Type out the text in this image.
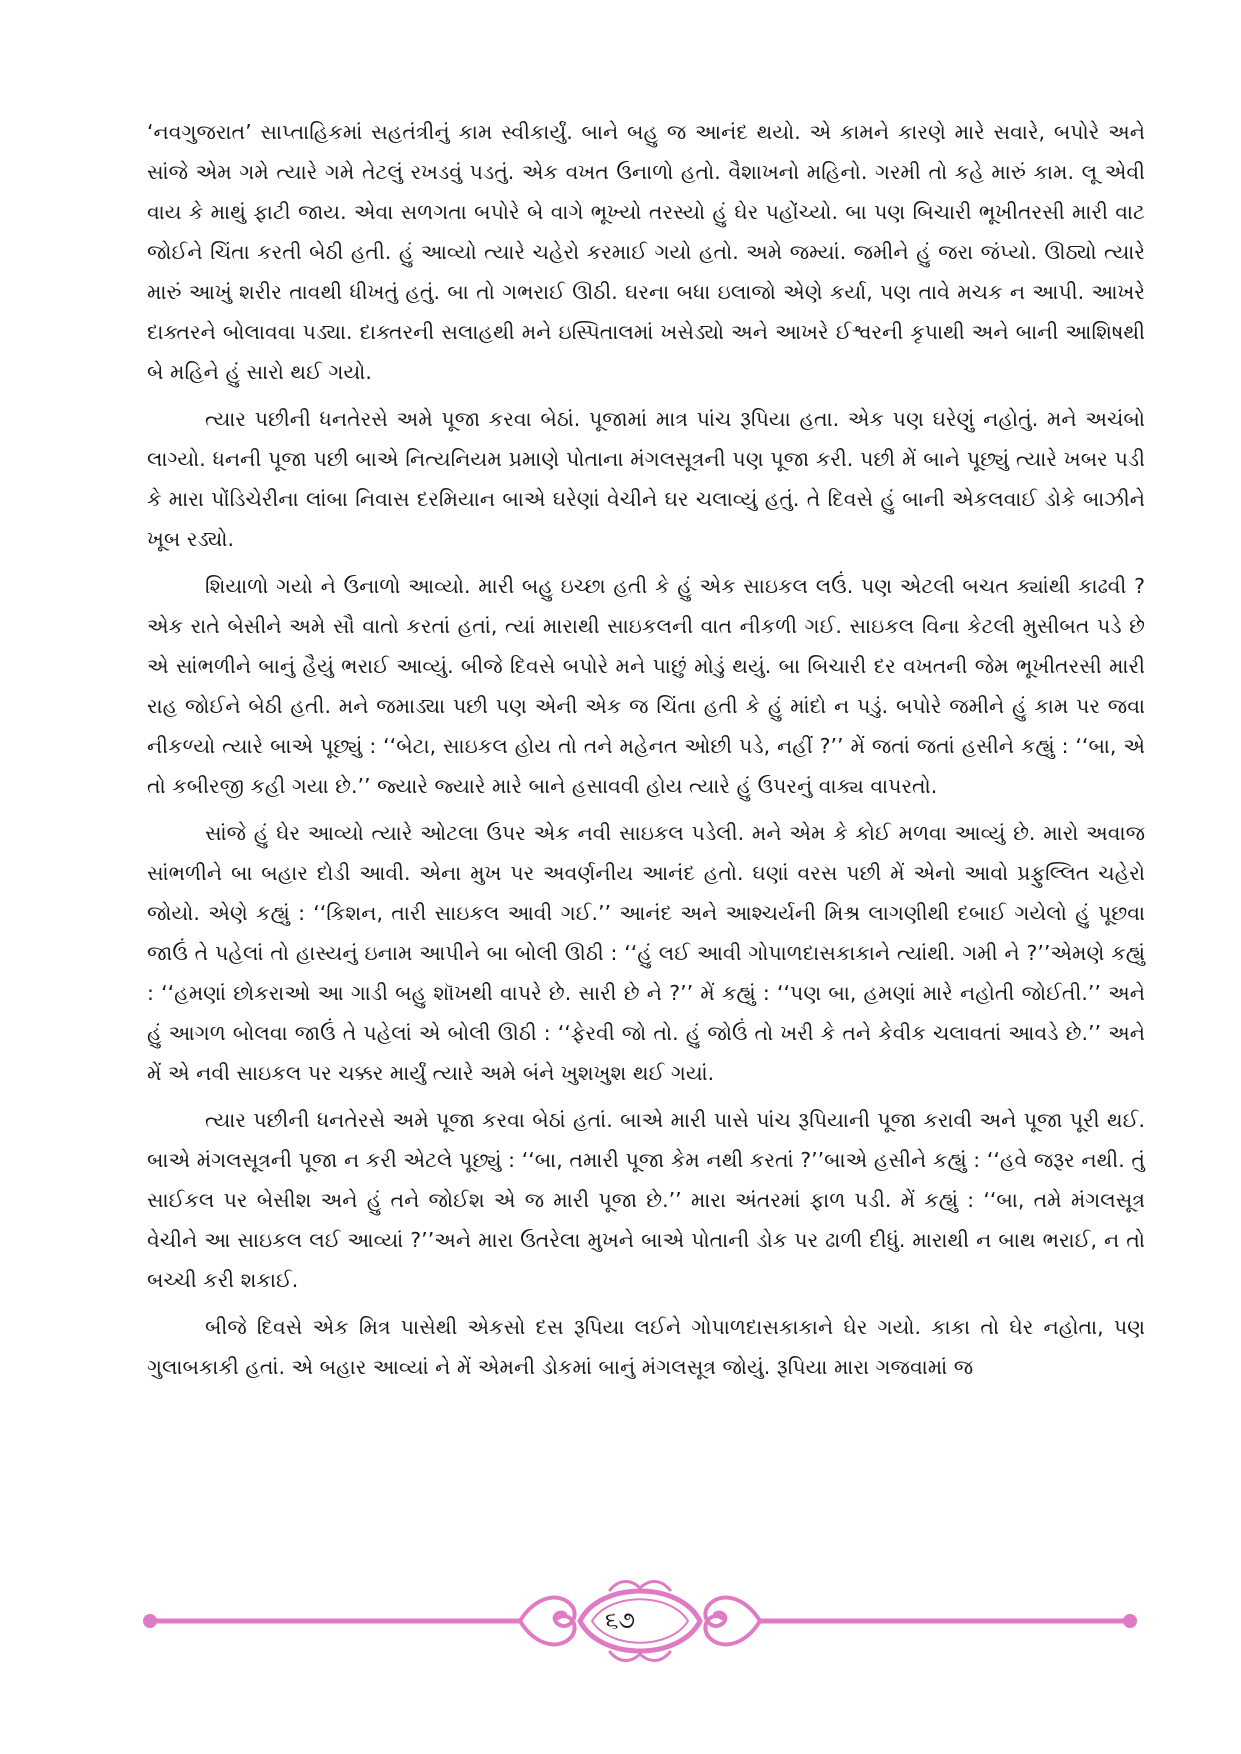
‘નવગુજરાત’ સાપ્તાહિકમાં સહતંત્રીનું કામ સ્વીકાર્યું. બાને બહુ જ આનંદ થયો. એ કામને કારણે મારે સવારે, બપોરે અને સાંજે એમ ગમે ત્યારે ગમે તેટલું રખડવું પડતું. એક વખત ઉનાળો હતો. વૈશાખનો મહિનો. ગરમી તો કહે મારું કામ. લૂ એવી વાય કે માથું ફાટી જાય. એવા સળગતા બપોરે બે વાગે ભૂખ્યો તરસ્યો હું ઘેર પહોંચ્યો. બા પણ બિચારી ભૂખીતરસી મારી વાટ જોઈને ચિંતા કરતી બેઠી હતી. હું આવ્યો ત્યારે ચહેરો કરમાઈ ગયો હતો. અમે જમ્યાં. જમીને હું જરા જંપ્યો. ઊઠ્યો ત્યારે મારું આખું શરીર તાવથી ધીખતું હતું. બા તો ગભરાઈ ઊઠી. ઘરના બધા ઇલાજો એણે કર્યા, પણ તાવે મચક ન આપી. આખરે દાક્તરને બોલાવવા પડ્યા. દાક્તરની સલાહથી મને ઇસ્પિતાલમાં ખસેડ્યો અને આખરે ઈશ્વરની કૃપાથી અને બાની આશિષથી બે મહિને હું સારો થઈ ગયો.

ત્યાર પછીની ધનતેરસે અમે પૂજા કરવા બેઠાં. પૂજામાં માત્ર પાંચ રૂપિયા હતા. એક પણ ઘરેણું નહોતું. મને અચંબો લાગ્યો. ધનની પૂજા પછી બાએ નિત્યનિયમ પ્રમાણે પોતાના મંગલસૂત્રની પણ પૂજા કરી. પછી મેં બાને પૂછ્યું ત્યારે ખબર પડી કે મારા પોંડિચેરીના લાંબા નિવાસ દરમિયાન બાએ ઘરેણાં વેચીને ઘર ચલાવ્યું હતું. તે દિવસે હું બાની એકલવાઈ ડોકે બાઝીને ખૂબ રડ્યો.

શિયાળો ગયો ને ઉનાળો આવ્યો. મારી બહુ ઇચ્છા હતી કે હું એક સાઇકલ લઉં. પણ એટલી બચત ક્યાંથી કાઢવી ?એક રાતે બેસીને અમે સૌ વાતો કરતાં હતાં, ત્યાં મારાથી સાઇકલની વાત નીકળી ગઈ. સાઇકલ વિના કેટલી મુસીબત પડે છે એ સાંભળીને બાનું હૈયું ભરાઈ આવ્યું. બીજે દિવસે બપોરે મને પાછું મોડું થયું. બા બિચારી દર વખતની જેમ ભૂખીતરસી મારી રાહ જોઈને બેઠી હતી. મને જમાડ્યા પછી પણ એની એક જ ચિંતા હતી કે હું માંદો ન પડું. બપોરે જમીને હું કામ પર જવા નીકળ્યો ત્યારે બાએ પૂછ્યું : ‘‘બેટા, સાઇકલ હોય તો તને મહેનત ઓછી પડે, નહીં ?’’ મેં જતાં જતાં હસીને કહ્યું : ‘‘બા, એ તો કબીરજી કહી ગયા છે.’’ જ્યારે જ્યારે મારે બાને હસાવવી હોય ત્યારે હું ઉપરનું વાક્ય વાપરતો.

સાંજે હું ઘેર આવ્યો ત્યારે ઓટલા ઉપર એક નવી સાઇકલ પડેલી. મને એમ કે કોઈ મળવા આવ્યું છે. મારો અવાજ સાંભળીને બા બહાર દોડી આવી. એના મુખ પર અવર્ણનીય આનંદ હતો. ઘણાં વરસ પછી મેં એનો આવો પ્રફુલ્લિત ચહેરો જોયો. એણે કહ્યું : ‘‘કિશન, તારી સાઇકલ આવી ગઈ.’’ આનંદ અને આશ્ચર્યની મિશ્ર લાગણીથી દબાઈ ગયેલો હું પૂછવા જાઉં તે પહેલાં તો હાસ્યનું ઇનામ આપીને બા બોલી ઊઠી : ‘‘હું લઈ આવી ગોપાળદાસકાકાને ત્યાંથી. ગમી ને ?’’એમણે કહ્યું : ‘‘હમણાં છોકરાઓ આ ગાડી બહુ શૉખથી વાપરે છે. સારી છે ને ?’’ મેં કહ્યું : ‘‘પણ બા, હમણાં મારે નહોતી જોઈતી.’’ અને હું આગળ બોલવા જાઉં તે પહેલાં એ બોલી ઊઠી : ‘‘ફેરવી જો તો. હું જોઉં તો ખરી કે તને કેવીક ચલાવતાં આવડે છે.’’ અને મેં એ નવી સાઇકલ પર ચક્કર માર્યું ત્યારે અમે બંને ખુશખુશ થઈ ગયાં.

ત્યાર પછીની ધનતેરસે અમે પૂજા કરવા બેઠાં હતાં. બાએ મારી પાસે પાંચ રૂપિયાની પૂજા કરાવી અને પૂજા પૂરી થઈ. બાએ મંગલસૂત્રની પૂજા ન કરી એટલે પૂછ્યું : ‘‘બા, તમારી પૂજા કેમ નથી કરતાં ?’’બાએ હસીને કહ્યું : ‘‘હવે જરૂર નથી. તું સાઈકલ પર બેસીશ અને હું તને જોઈશ એ જ મારી પૂજા છે.’’ મારા અંતરમાં ફાળ પડી. મેં કહ્યું : ‘‘બા, તમે મંગલસૂત્ર વેચીને આ સાઇકલ લઈ આવ્યાં ?’’અને મારા ઉતરેલા મુખને બાએ પોતાની ડોક પર ઢાળી દીધું. મારાથી ન બાથ ભરાઈ, ન તો બચ્ચી કરી શકાઈ.

બીજે દિવસે એક મિત્ર પાસેથી એકસો દસ રૂપિયા લઈને ગોપાળદાસકાકાને ઘેર ગયો. કાકા તો ઘેર નહોતા, પણ ગુલાબકાકી હતાં. એ બહાર આવ્યાં ને મેં એમની ડોકમાં બાનું મંગલસૂત્ર જોયું. રૂપિયા મારા ગજવામાં જ

૬૭
